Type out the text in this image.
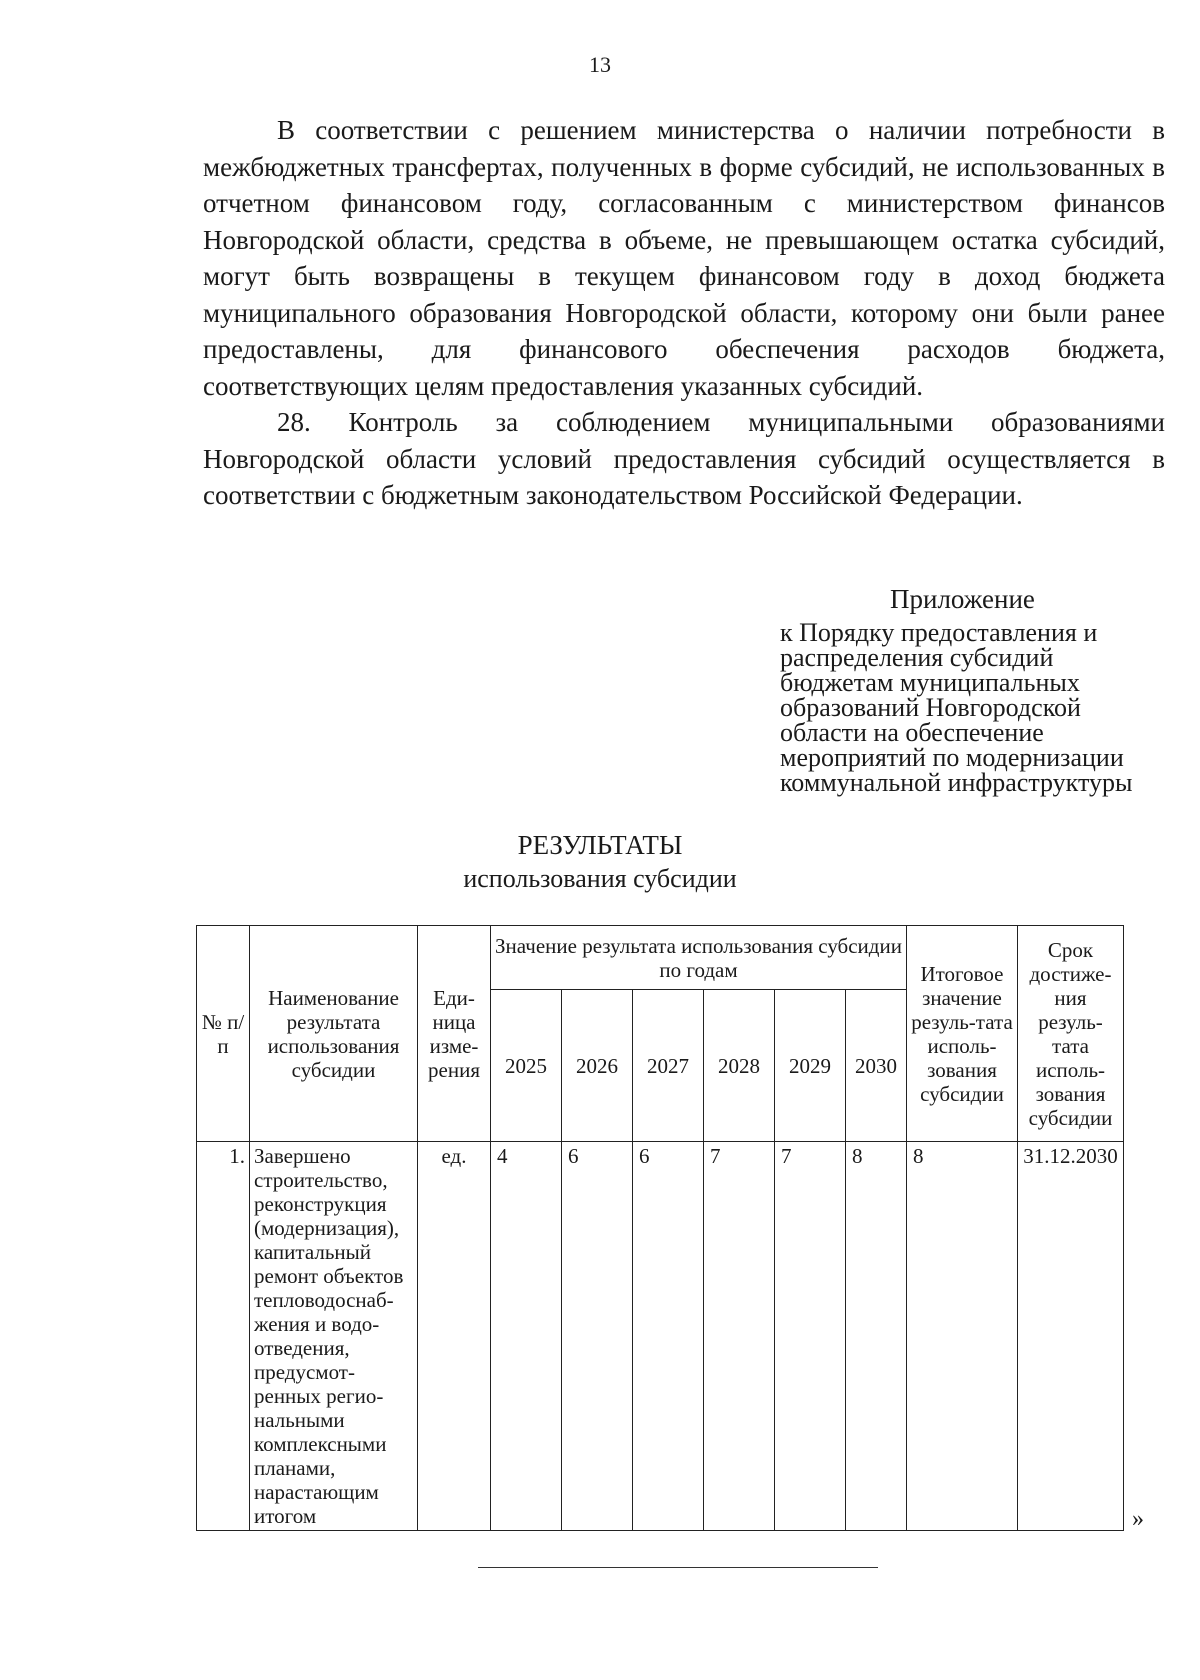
13

В соответствии с решением министерства о наличии потребности в межбюджетных трансфертах, полученных в форме субсидий, не использованных в отчетном финансовом году, согласованным с министерством финансов Новгородской области, средства в объеме, не превышающем остатка субсидий, могут быть возвращены в текущем финансовом году в доход бюджета муниципального образования Новгородской области, которому они были ранее предоставлены, для финансового обеспечения расходов бюджета, соответствующих целям предоставления указанных субсидий.

28. Контроль за соблюдением муниципальными образованиями Новгородской области условий предоставления субсидий осуществляется в соответствии с бюджетным законодательством Российской Федерации.

Приложение
к Порядку предоставления и
распределения субсидий
бюджетам муниципальных
образований Новгородской
области на обеспечение
мероприятий по модернизации
коммунальной инфраструктуры
РЕЗУЛЬТАТЫ
использования субсидии
№ п/п	Наименование результата использования субсидии	Еди-ница изме-рения	Значение результата использования субсидии по годам						Итоговое значение резуль-тата исполь-зования субсидии	Срок достиже-ния резуль-тата исполь-зования субсидии
			2025	2026	2027	2028	2029	2030		
1.	Завершено строительство, реконструкция (модернизация), капитальный ремонт объектов тепловодоснаб-жения и водо-отведения, предусмот-ренных регио-нальными комплексными планами, нарастающим итогом	ед.	4	6	6	7	7	8	8	31.12.2030
»
